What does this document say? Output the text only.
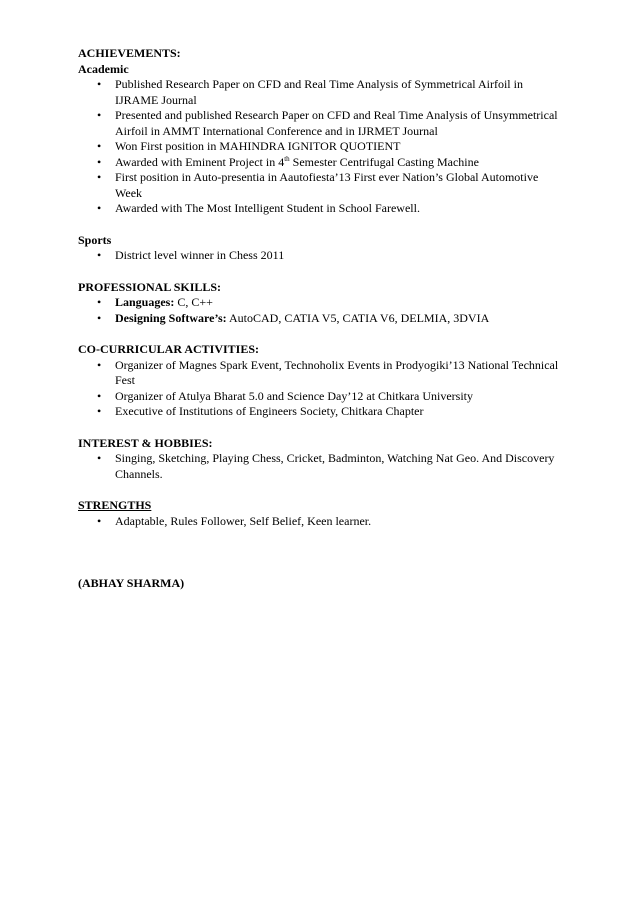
ACHIEVEMENTS:
Academic
• Published Research Paper on CFD and Real Time Analysis of Symmetrical Airfoil in IJRAME Journal
• Presented and published Research Paper on CFD and Real Time Analysis of Unsymmetrical Airfoil in AMMT International Conference and in IJRMET Journal
• Won First position in MAHINDRA IGNITOR QUOTIENT
• Awarded with Eminent Project in 4th Semester Centrifugal Casting Machine
• First position in Auto-presentia in Aautofiesta’13 First ever Nation’s Global Automotive Week
• Awarded with The Most Intelligent Student in School Farewell.
Sports
• District level winner in Chess 2011
PROFESSIONAL SKILLS:
• Languages: C, C++
• Designing Software’s: AutoCAD, CATIA V5, CATIA V6, DELMIA, 3DVIA
CO-CURRICULAR ACTIVITIES:
• Organizer of Magnes Spark Event, Technoholix Events in Prodyogiki’13 National Technical Fest
• Organizer of Atulya Bharat 5.0 and Science Day’12 at Chitkara University
• Executive of Institutions of Engineers Society, Chitkara Chapter
INTEREST & HOBBIES:
• Singing, Sketching, Playing Chess, Cricket, Badminton, Watching Nat Geo. And Discovery Channels.
STRENGTHS
• Adaptable, Rules Follower, Self Belief, Keen learner.
(ABHAY SHARMA)
